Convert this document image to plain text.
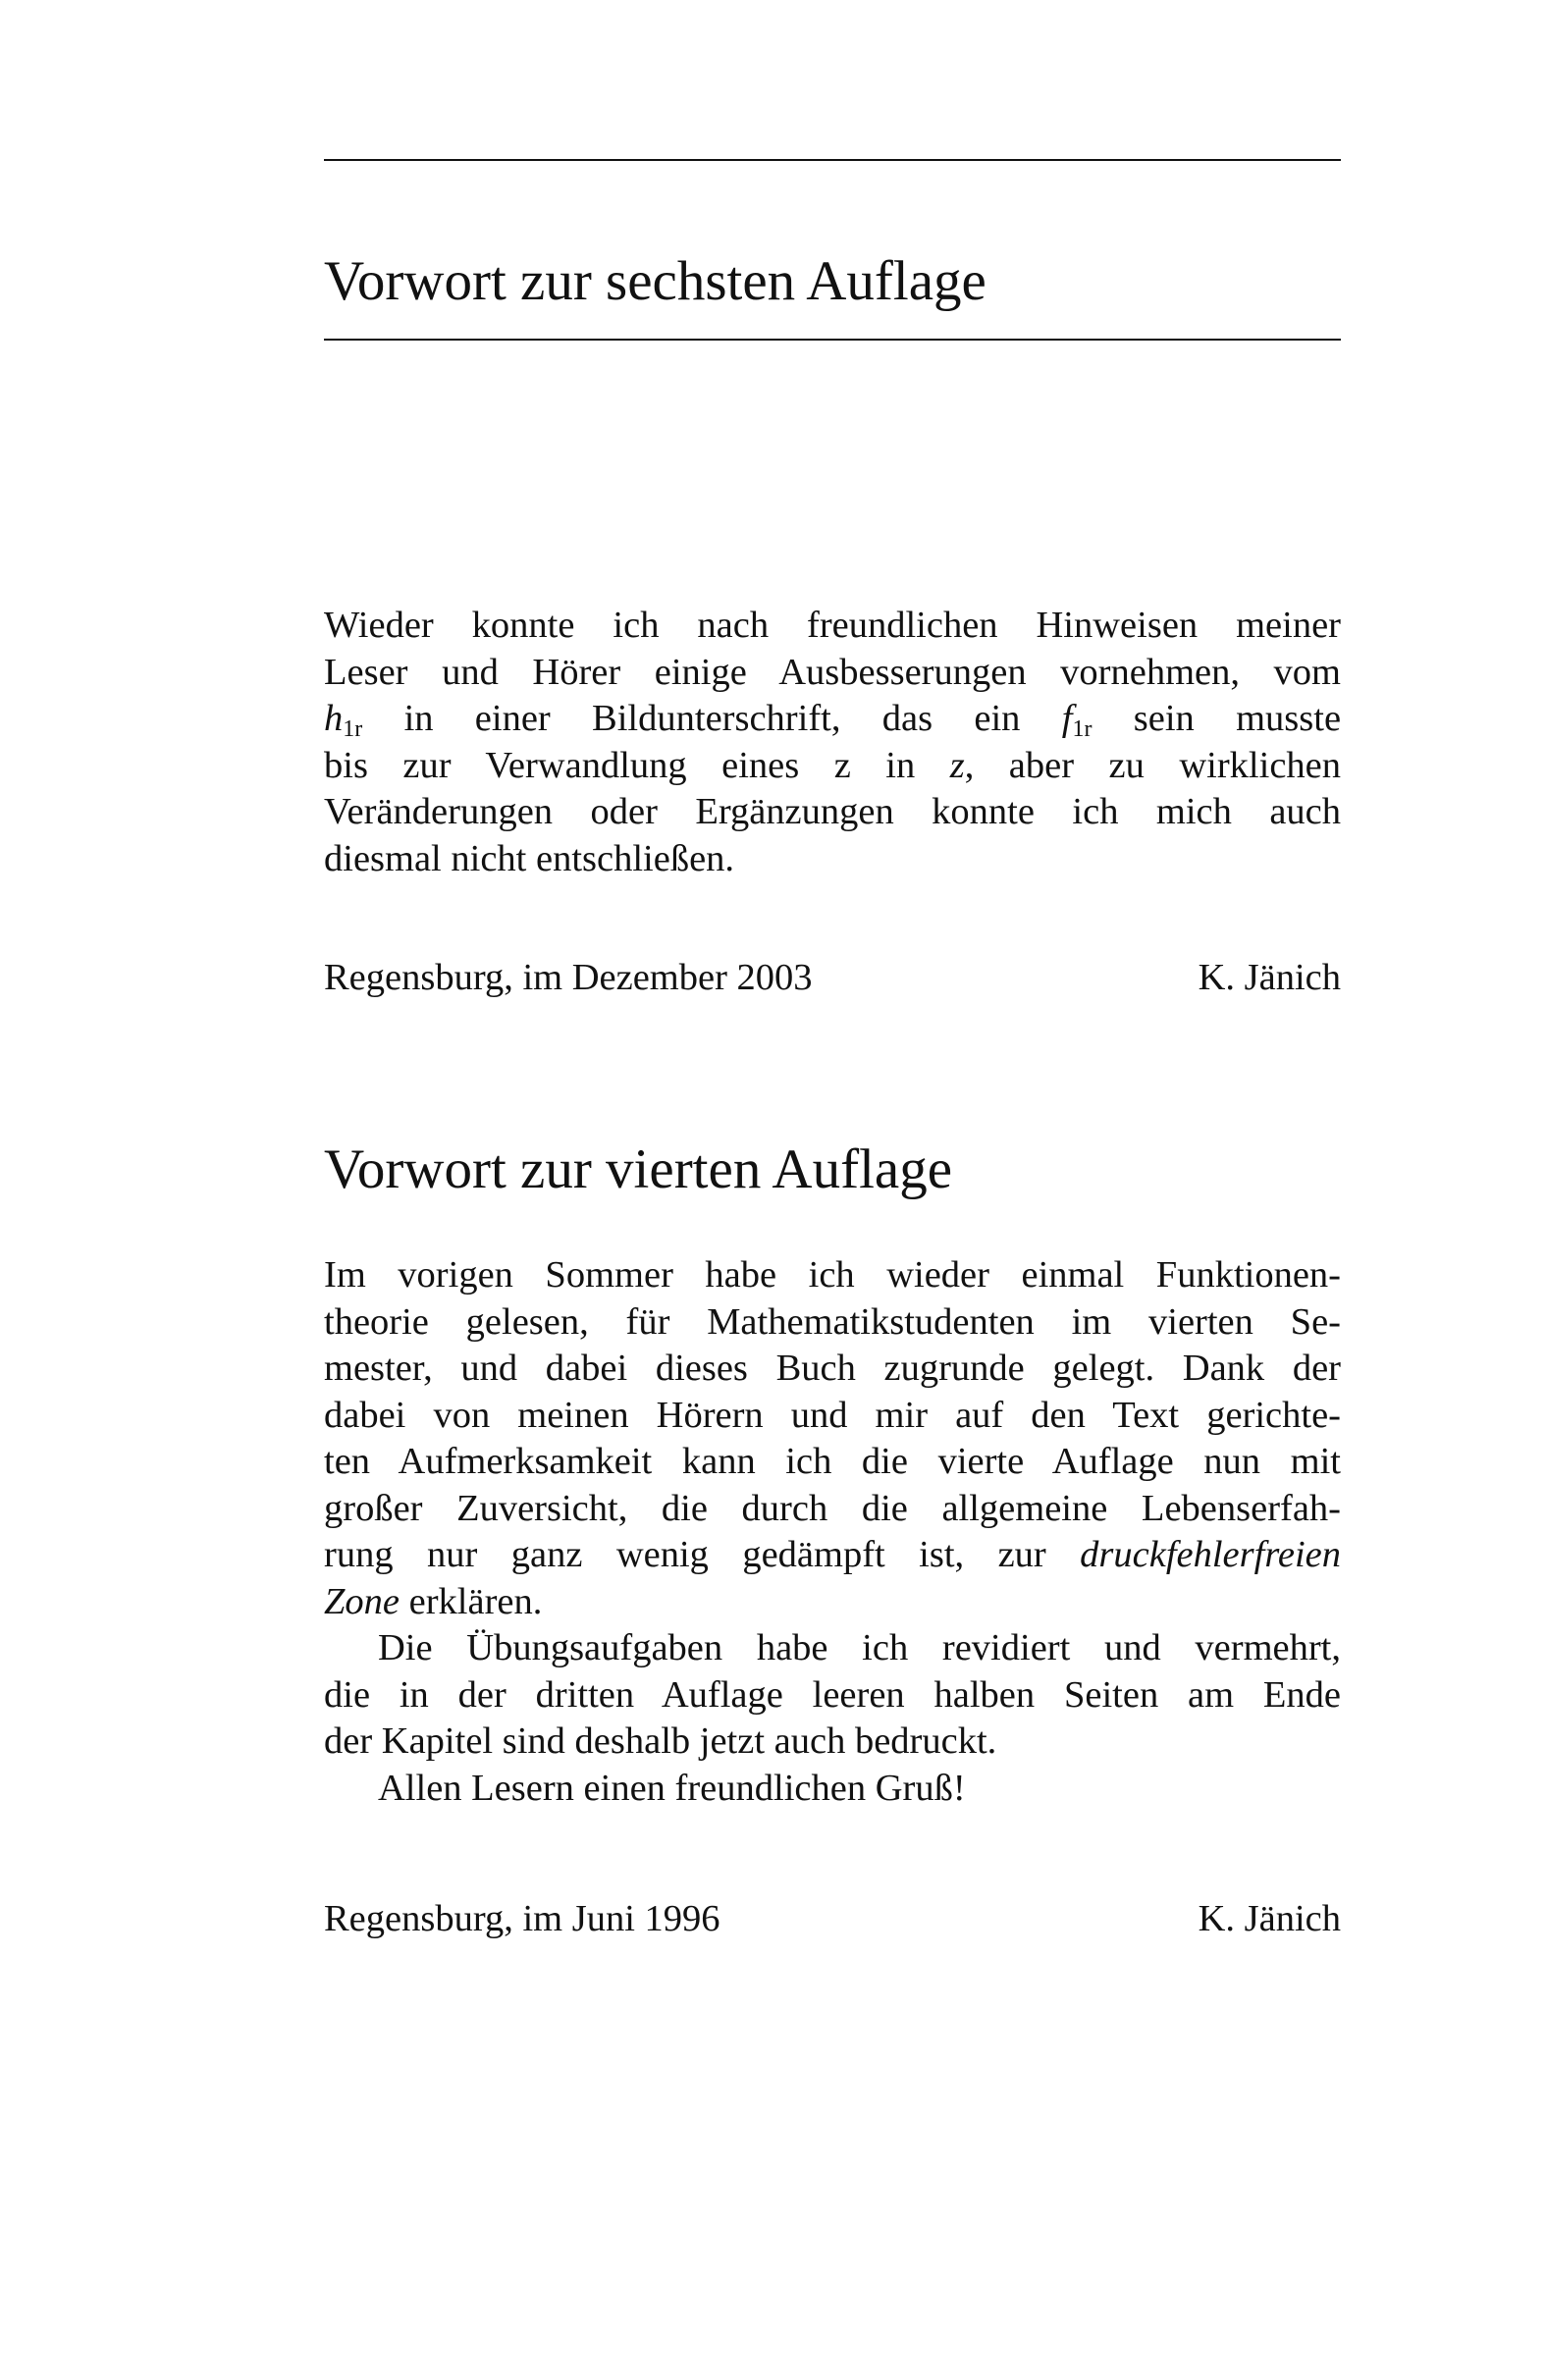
Vorwort zur sechsten Auflage
Wieder konnte ich nach freundlichen Hinweisen meiner
Leser und Hörer einige Ausbesserungen vornehmen, vom
$h_{1r}$ in einer Bildunterschrift, das ein $f_{1r}$ sein musste
bis zur Verwandlung eines z in z, aber zu wirklichen
Veränderungen oder Ergänzungen konnte ich mich auch
diesmal nicht entschließen.
Regensburg, im Dezember 2003	K. Jänich
Vorwort zur vierten Auflage
Im vorigen Sommer habe ich wieder einmal Funktionen-
theorie gelesen, für Mathematikstudenten im vierten Se-
mester, und dabei dieses Buch zugrunde gelegt. Dank der
dabei von meinen Hörern und mir auf den Text gerichte-
ten Aufmerksamkeit kann ich die vierte Auflage nun mit
großer Zuversicht, die durch die allgemeine Lebenserfah-
rung nur ganz wenig gedämpft ist, zur druckfehlerfreien
Zone erklären.
Die Übungsaufgaben habe ich revidiert und vermehrt,
die in der dritten Auflage leeren halben Seiten am Ende
der Kapitel sind deshalb jetzt auch bedruckt.
Allen Lesern einen freundlichen Gruß!
Regensburg, im Juni 1996	K. Jänich
